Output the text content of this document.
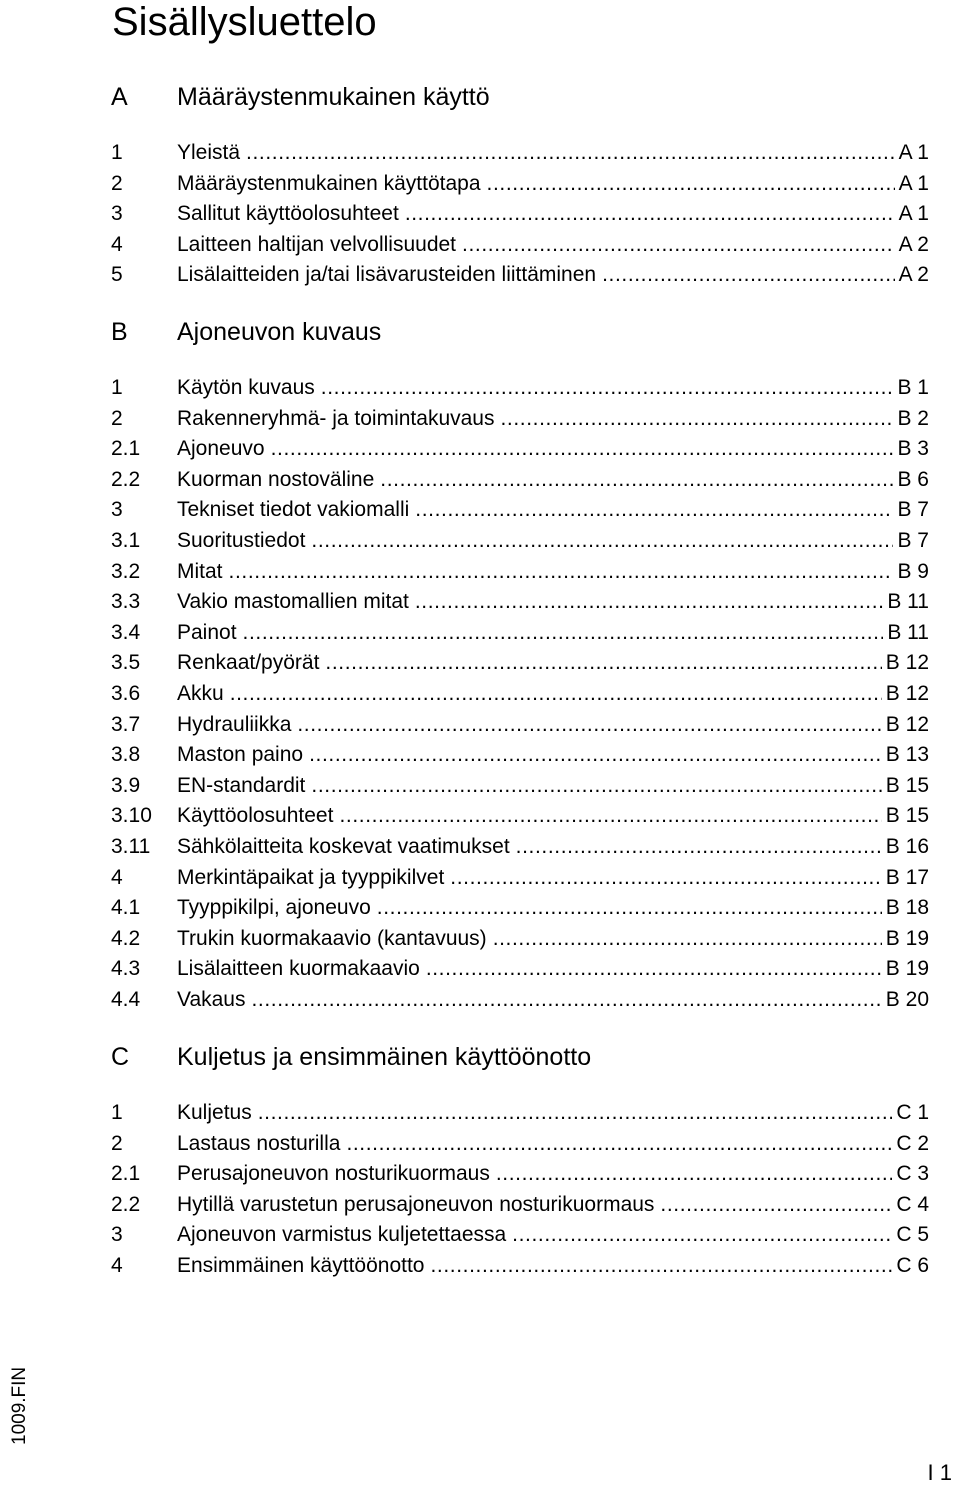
Sisällysluettelo
A Määräystenmukainen käyttö
1	Yleistä .....	A 1
2	Määräystenmukainen käyttötapa .....	A 1
3	Sallitut käyttöolosuhteet .....	A 1
4	Laitteen haltijan velvollisuudet .....	A 2
5	Lisälaitteiden ja/tai lisävarusteiden liittäminen .....	A 2
B Ajoneuvon kuvaus
1	Käytön kuvaus .....	B 1
2	Rakenneryhmä- ja toimintakuvaus .....	B 2
2.1 Ajoneuvo .....	B 3
2.2 Kuorman nostoväline .....	B 6
3	Tekniset tiedot vakiomalli .....	B 7
3.1 Suoritustiedot .....	B 7
3.2 Mitat .....	B 9
3.3 Vakio mastomallien mitat .....	B 11
3.4 Painot .....	B 11
3.5 Renkaat/pyörät .....	B 12
3.6 Akku .....	B 12
3.7 Hydrauliikka .....	B 12
3.8 Maston paino .....	B 13
3.9 EN-standardit .....	B 15
3.10 Käyttöolosuhteet .....	B 15
3.11 Sähkölaitteita koskevat vaatimukset .....	B 16
4	Merkintäpaikat ja tyyppikilvet .....	B 17
4.1 Tyyppikilpi, ajoneuvo .....	B 18
4.2 Trukin kuormakaavio (kantavuus) .....	B 19
4.3 Lisälaitteen kuormakaavio .....	B 19
4.4 Vakaus .....	B 20
C Kuljetus ja ensimmäinen käyttöönotto
1	Kuljetus .....	C 1
2	Lastaus nosturilla .....	C 2
2.1 Perusajoneuvon nosturikuormaus .....	C 3
2.2 Hytillä varustetun perusajoneuvon nosturikuormaus .....	C 4
3	Ajoneuvon varmistus kuljetettaessa .....	C 5
4	Ensimmäinen käyttöönotto .....	C 6
1009.FIN
I 1
